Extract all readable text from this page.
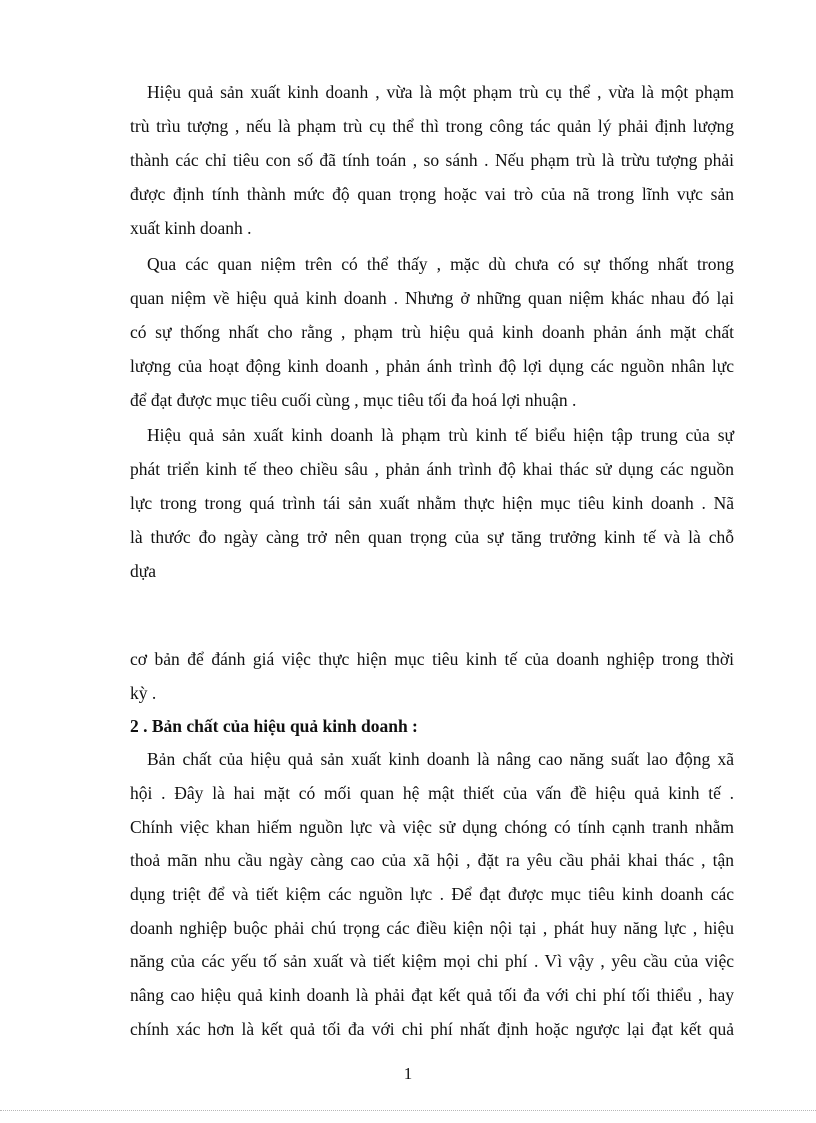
Hiệu quả sản xuất kinh doanh , vừa là một phạm trù cụ thể , vừa là một phạm
trù trìu tượng , nếu là phạm trù cụ thể thì trong công tác quản lý phải định lượng
thành các chỉ tiêu con số đã tính toán , so sánh . Nếu phạm trù là trừu tượng phải
được định tính thành mức độ quan trọng hoặc vai trò của nã trong lĩnh vực sản
xuất kinh doanh .
Qua các quan niệm trên có thể thấy , mặc dù chưa có sự thống nhất trong
quan niệm về hiệu quả kinh doanh . Nhưng ở những quan niệm khác nhau đó lại
có sự thống nhất cho rằng , phạm trù hiệu quả kinh doanh phản ánh mặt chất
lượng của hoạt động kinh doanh , phản ánh trình độ lợi dụng các nguồn nhân lực
để đạt được mục tiêu cuối cùng , mục tiêu tối đa hoá lợi nhuận .
Hiệu quả sản xuất kinh doanh là phạm trù kinh tế biểu hiện tập trung của sự
phát triển kinh tế theo chiều sâu , phản ánh trình độ khai thác sử dụng các nguồn
lực trong trong quá trình tái sản xuất nhằm thực hiện mục tiêu kinh doanh . Nã
là thước đo ngày càng trở nên quan trọng của sự tăng trưởng kinh tế và là chỗ
dựa
cơ bản để đánh giá việc thực hiện mục tiêu kinh tế của doanh nghiệp trong thời
kỳ .
2 . Bản chất của hiệu quả kinh doanh :
Bản chất của hiệu quả sản xuất kinh doanh là nâng cao năng suất lao động xã
hội . Đây là hai mặt có mối quan hệ mật thiết của vấn đề hiệu quả kinh tế .
Chính việc khan hiếm nguồn lực và việc sử dụng chóng có tính cạnh tranh nhằm
thoả mãn nhu cầu ngày càng cao của xã hội , đặt ra yêu cầu phải khai thác , tận
dụng triệt để và tiết kiệm các nguồn lực . Để đạt được mục tiêu kinh doanh các
doanh nghiệp buộc phải chú trọng các điều kiện nội tại , phát huy năng lực , hiệu
năng của các yếu tố sản xuất và tiết kiệm mọi chi phí . Vì vậy , yêu cầu của việc
nâng cao hiệu quả kinh doanh là phải đạt kết quả tối đa với chi phí tối thiểu , hay
chính xác hơn là kết quả tối đa với chi phí nhất định hoặc ngược lại đạt kết quả
1
